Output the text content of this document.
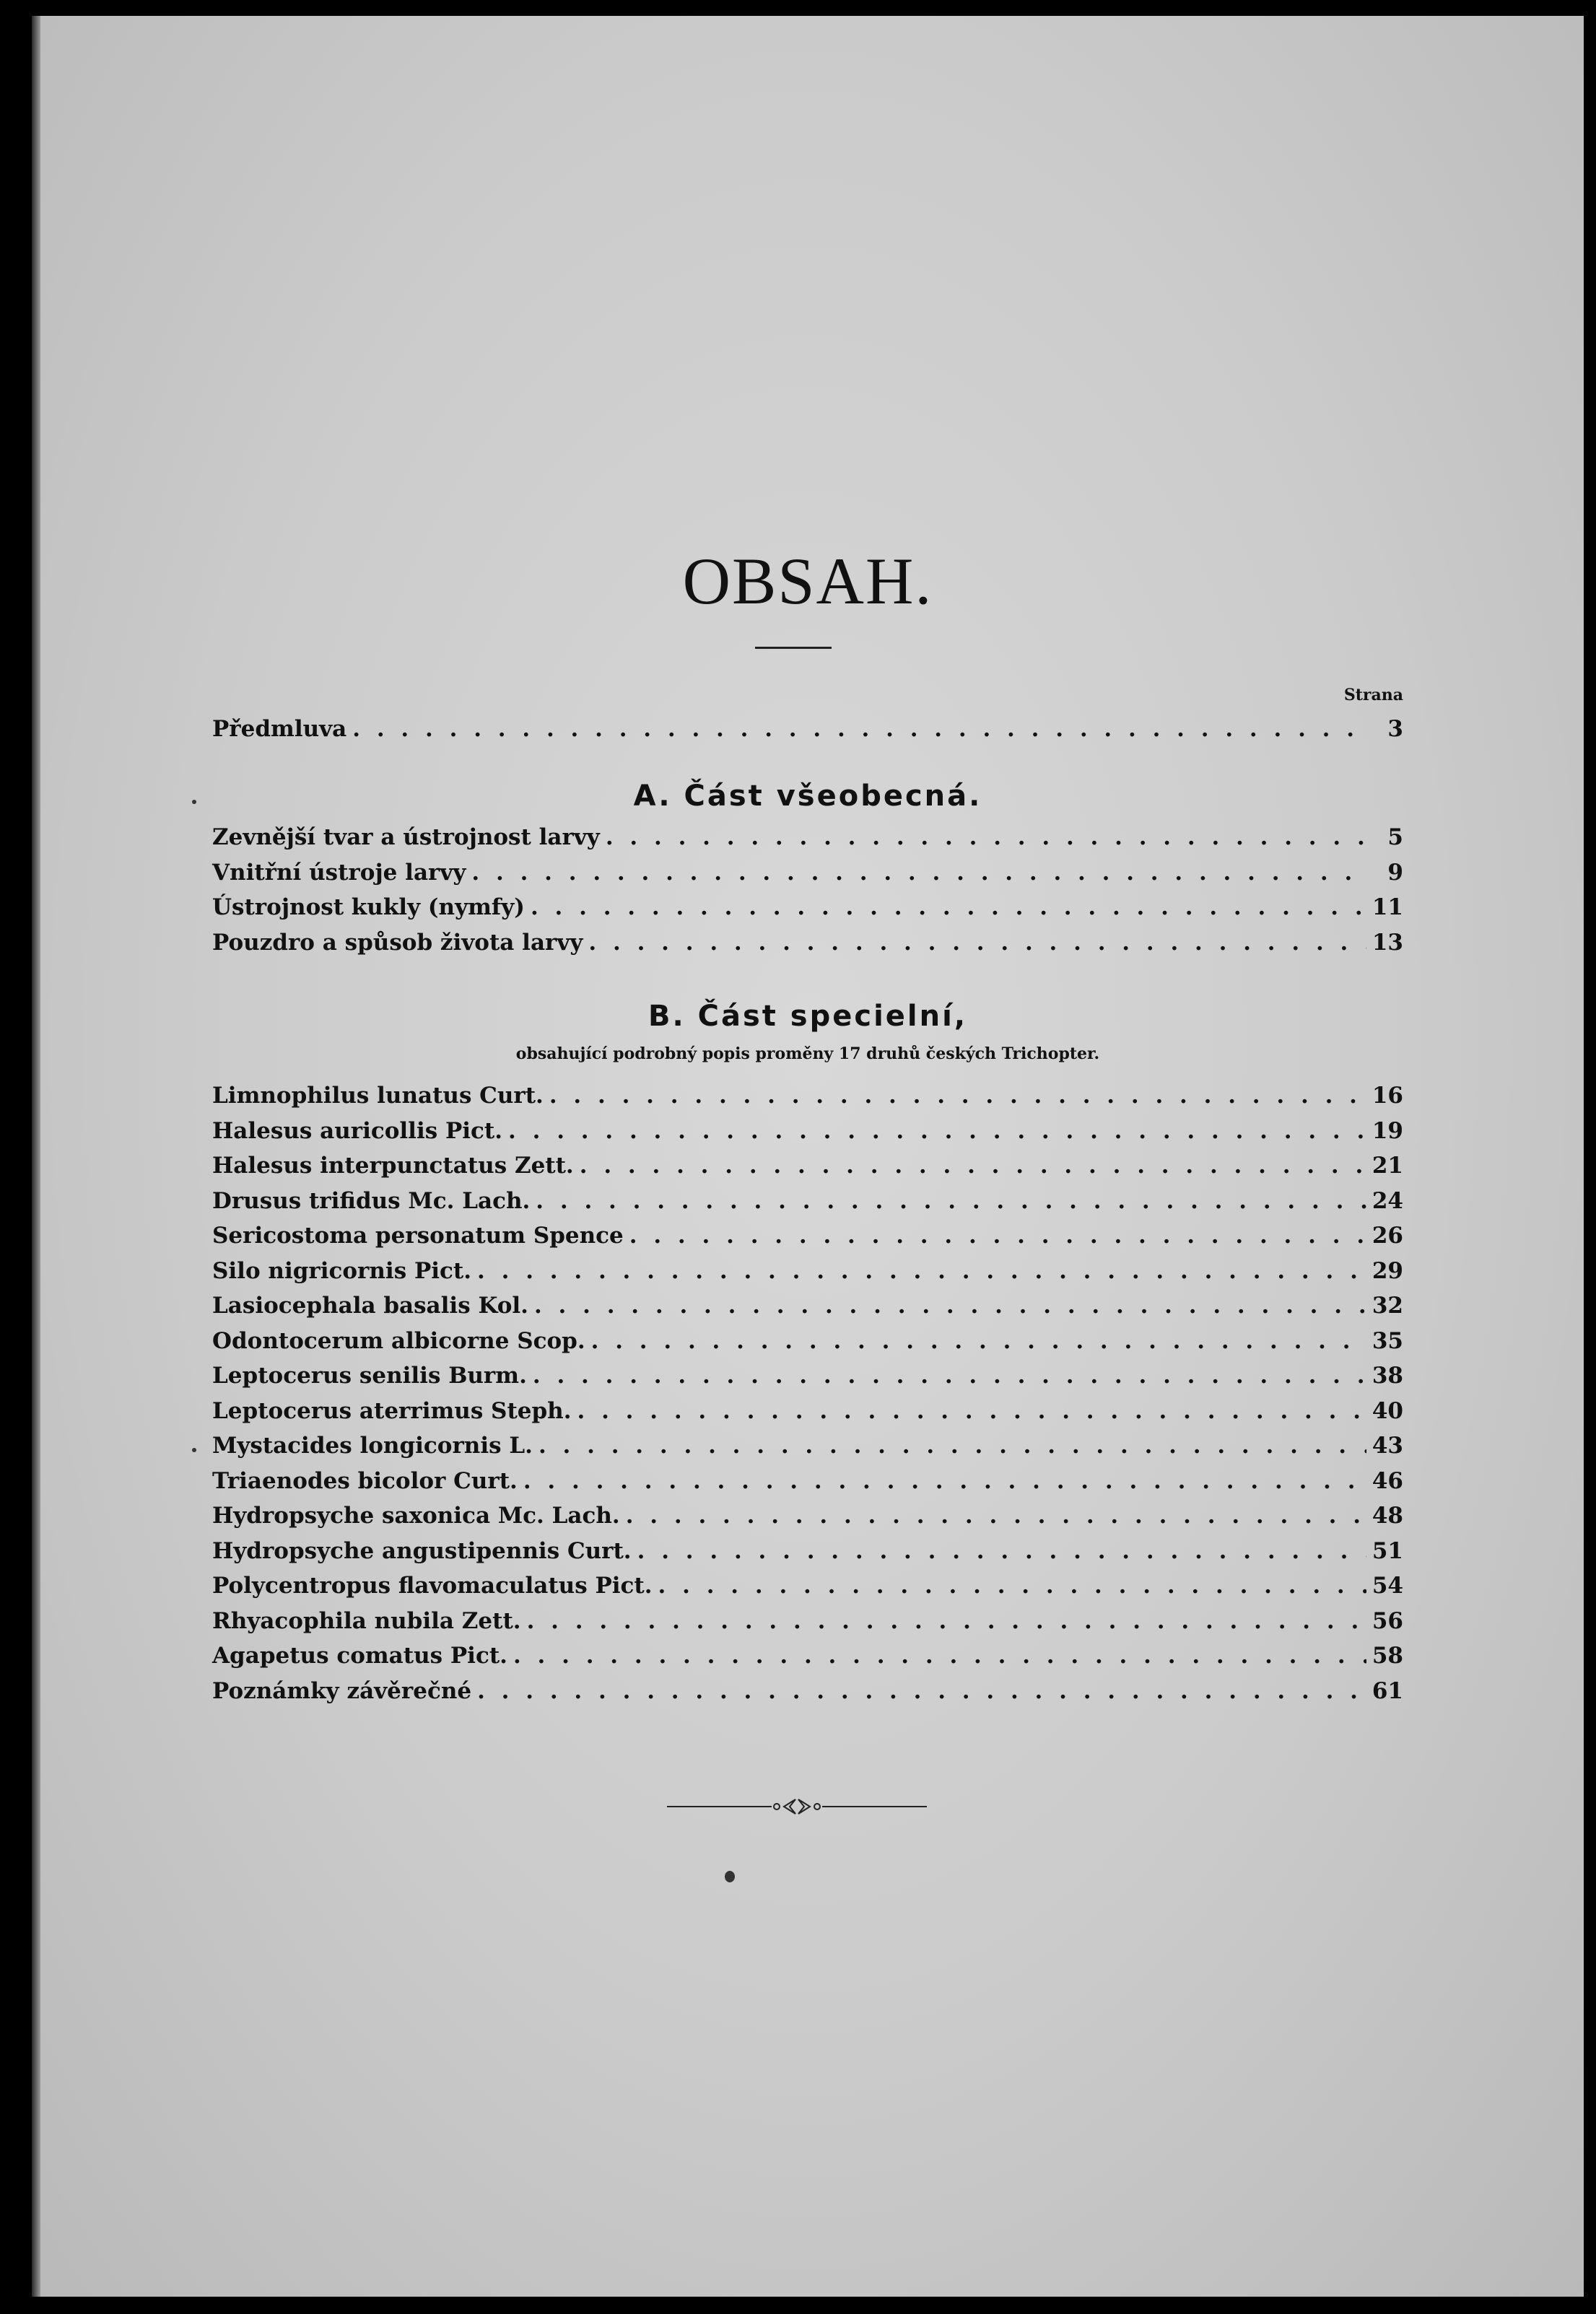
OBSAH.
Strana
Předmluva . . .	3
A. Část všeobecná.
Zevnější tvar a ústrojnost larvy . . .	5
Vnitřní ústroje larvy . . .	9
Ústrojnost kukly (nymfy) . . .	11
Pouzdro a spůsob života larvy . . .	13
B. Část specielní,
obsahující podrobný popis proměny 17 druhů českých Trichopter.
Limnophilus lunatus Curt. . . .	16
Halesus auricollis Pict. . . .	19
Halesus interpunctatus Zett. . . .	21
Drusus trifidus Mc. Lach. . . .	24
Sericostoma personatum Spence . . .	26
Silo nigricornis Pict. . . .	29
Lasiocephala basalis Kol. . . .	32
Odontocerum albicorne Scop. . . .	35
Leptocerus senilis Burm. . . .	38
Leptocerus aterrimus Steph. . . .	40
Mystacides longicornis L. . . .	43
Triaenodes bicolor Curt. . . .	46
Hydropsyche saxonica Mc. Lach. . . .	48
Hydropsyche angustipennis Curt. . . .	51
Polycentropus flavomaculatus Pict. . . .	54
Rhyacophila nubila Zett. . . .	56
Agapetus comatus Pict. . . .	58
Poznámky závěrečné . . .	61
